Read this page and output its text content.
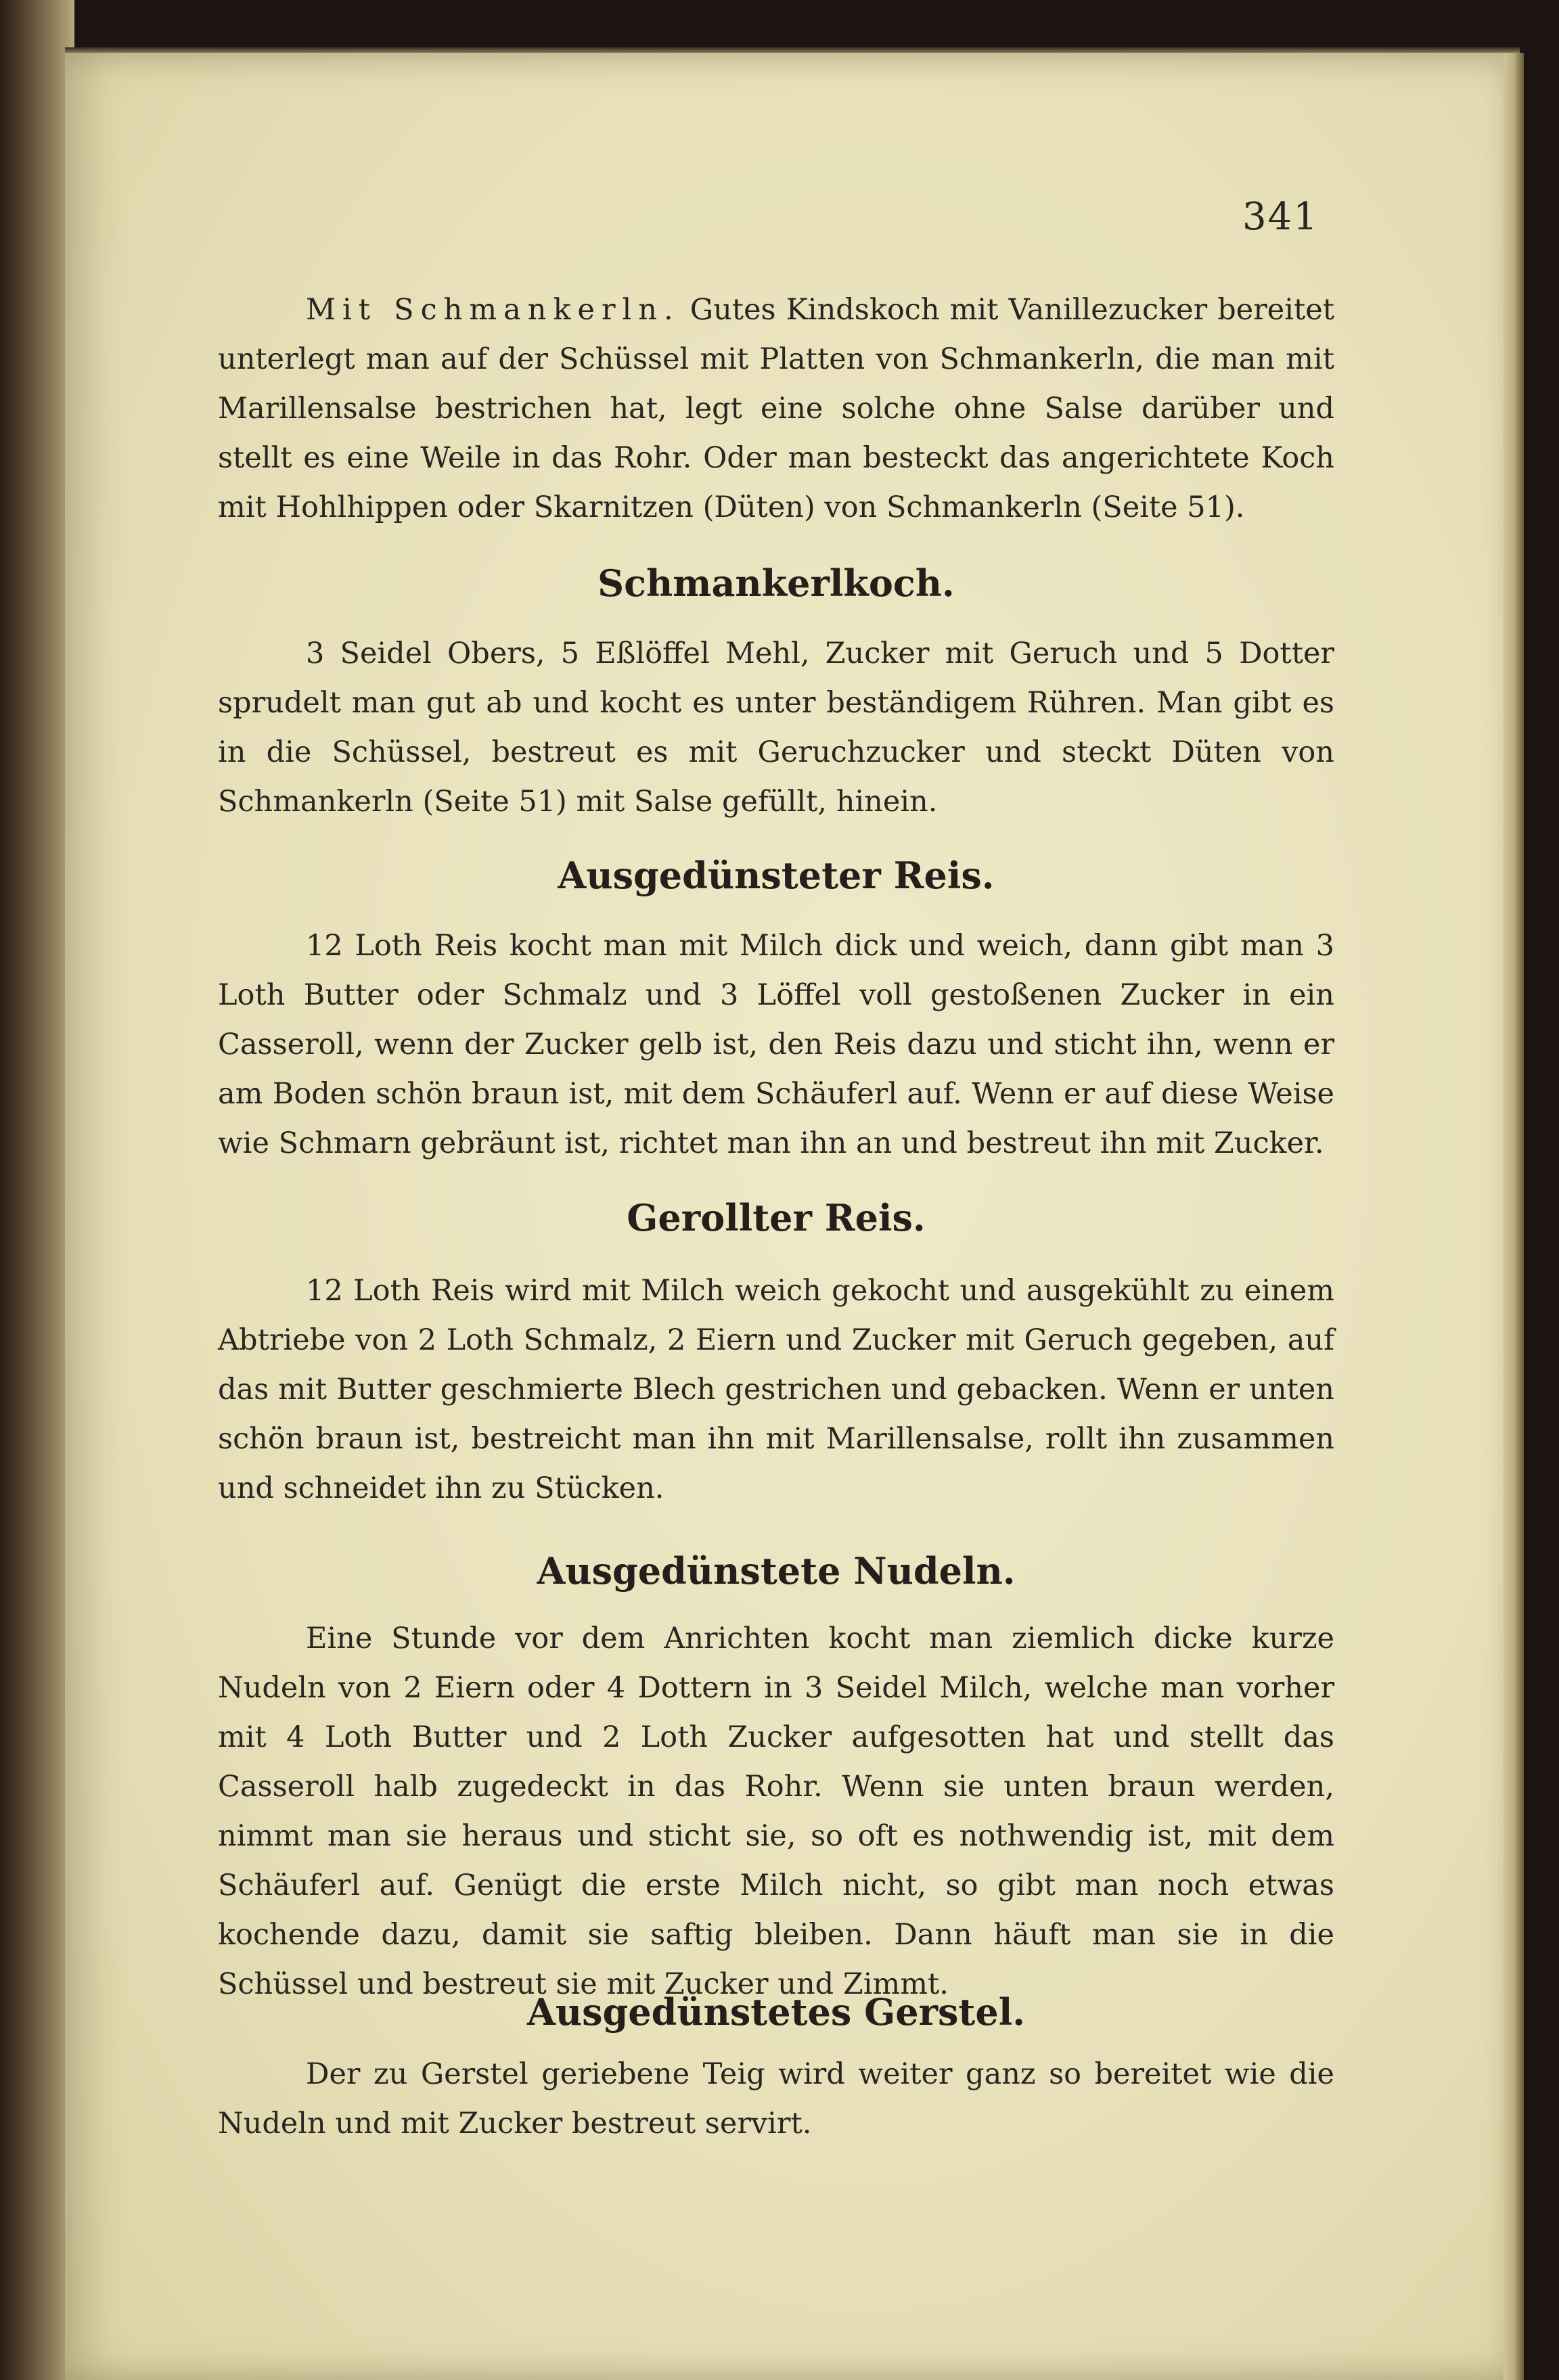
341
Mit Schmankerln. Gutes Kindskoch mit Vanillezucker bereitet unterlegt man auf der Schüssel mit Platten von Schmankerln, die man mit Marillensalse bestrichen hat, legt eine solche ohne Salse darüber und stellt es eine Weile in das Rohr. Oder man besteckt das angerichtete Koch mit Hohlhippen oder Skarnitzen (Düten) von Schmankerln (Seite 51).
Schmankerlkoch.
3 Seidel Obers, 5 Eßlöffel Mehl, Zucker mit Geruch und 5 Dotter sprudelt man gut ab und kocht es unter beständigem Rühren. Man gibt es in die Schüssel, bestreut es mit Geruchzucker und steckt Düten von Schmankerln (Seite 51) mit Salse gefüllt, hinein.
Ausgedünsteter Reis.
12 Loth Reis kocht man mit Milch dick und weich, dann gibt man 3 Loth Butter oder Schmalz und 3 Löffel voll gestoßenen Zucker in ein Casseroll, wenn der Zucker gelb ist, den Reis dazu und sticht ihn, wenn er am Boden schön braun ist, mit dem Schäuferl auf. Wenn er auf diese Weise wie Schmarn gebräunt ist, richtet man ihn an und bestreut ihn mit Zucker.
Gerollter Reis.
12 Loth Reis wird mit Milch weich gekocht und ausgekühlt zu einem Abtriebe von 2 Loth Schmalz, 2 Eiern und Zucker mit Geruch gegeben, auf das mit Butter geschmierte Blech gestrichen und gebacken. Wenn er unten schön braun ist, bestreicht man ihn mit Marillensalse, rollt ihn zusammen und schneidet ihn zu Stücken.
Ausgedünstete Nudeln.
Eine Stunde vor dem Anrichten kocht man ziemlich dicke kurze Nudeln von 2 Eiern oder 4 Dottern in 3 Seidel Milch, welche man vorher mit 4 Loth Butter und 2 Loth Zucker aufgesotten hat und stellt das Casseroll halb zugedeckt in das Rohr. Wenn sie unten braun werden, nimmt man sie heraus und sticht sie, so oft es nothwendig ist, mit dem Schäuferl auf. Genügt die erste Milch nicht, so gibt man noch etwas kochende dazu, damit sie saftig bleiben. Dann häuft man sie in die Schüssel und bestreut sie mit Zucker und Zimmt.
Ausgedünstetes Gerstel.
Der zu Gerstel geriebene Teig wird weiter ganz so bereitet wie die Nudeln und mit Zucker bestreut servirt.
